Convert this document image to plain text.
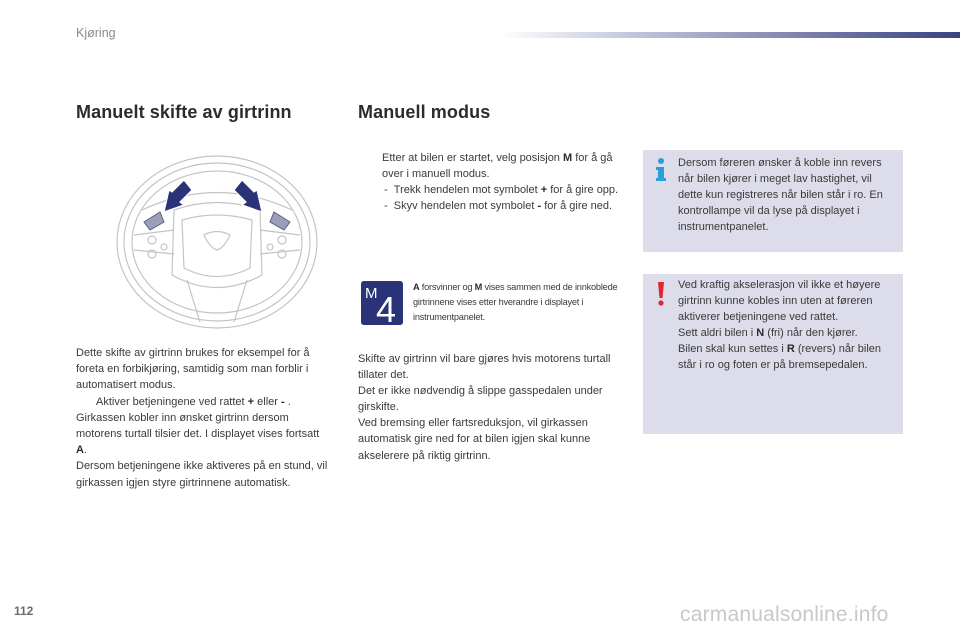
Kjøring
Manuelt skifte av girtrinn	Manuell modus

Dette skifte av girtrinn brukes for eksempel for å foreta en forbikjøring, samtidig som man forblir i automatisert modus.

Aktiver betjeningene ved rattet + eller - .

Girkassen kobler inn ønsket girtrinn dersom motorens turtall tilsier det. I displayet vises fortsatt A.

Dersom betjeningene ikke aktiveres på en stund, vil girkassen igjen styre girtrinnene automatisk.

Etter at bilen er startet, velg posisjon M for å gå over i manuell modus.
- Trekk hendelen mot symbolet + for å gire opp.
- Skyv hendelen mot symbolet - for å gire ned.
M
4
A forsvinner og M vises sammen med de innkoblede girtrinnene vises etter hverandre i displayet i instrumentpanelet.

Skifte av girtrinn vil bare gjøres hvis motorens turtall tillater det.

Det er ikke nødvendig å slippe gasspedalen under girskifte.

Ved bremsing eller fartsreduksjon, vil girkassen automatisk gire ned for at bilen igjen skal kunne akselerere på riktig girtrinn.

Dersom føreren ønsker å koble inn revers når bilen kjører i meget lav hastighet, vil dette kun registreres når bilen står i ro. En kontrollampe vil da lyse på displayet i instrumentpanelet.

Ved kraftig akselerasjon vil ikke et høyere girtrinn kunne kobles inn uten at føreren aktiverer betjeningene ved rattet.

Sett aldri bilen i N (fri) når den kjører.

Bilen skal kun settes i R (revers) når bilen står i ro og foten er på bremsepedalen.

112	carmanualsonline.info
